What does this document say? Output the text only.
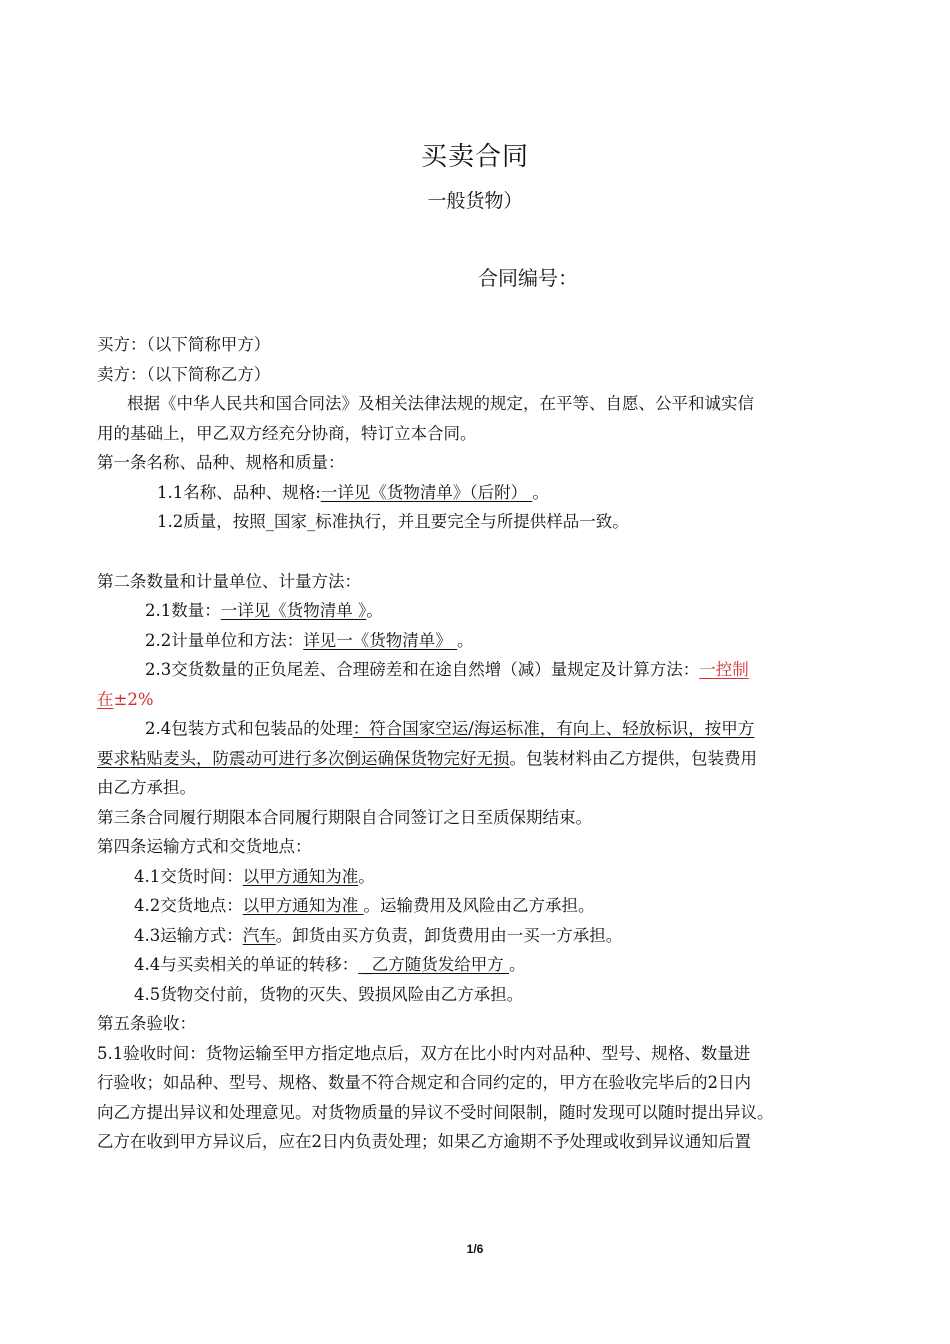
买卖合同
一般货物）
合同编号：
买方：（以下简称甲方）
卖方：（以下简称乙方）
根据《中华人民共和国合同法》及相关法律法规的规定，在平等、自愿、公平和诚实信
用的基础上，甲乙双方经充分协商，特订立本合同。
第一条名称、品种、规格和质量：
1.1名称、品种、规格:一详见《货物清单》（后附） 。
1.2质量，按照_国家_标准执行，并且要完全与所提供样品一致。
第二条数量和计量单位、计量方法：
2.1数量：一详见《货物清单 》。
2.2计量单位和方法：详见一《货物清单》 。
2.3交货数量的正负尾差、合理磅差和在途自然增（减）量规定及计算方法：一控制
在±2%
2.4包装方式和包装品的处理：符合国家空运/海运标准，有向上、轻放标识，按甲方
要求粘贴麦头，防震动可进行多次倒运确保货物完好无损。包装材料由乙方提供，包装费用
由乙方承担。
第三条合同履行期限本合同履行期限自合同签订之日至质保期结束。
第四条运输方式和交货地点：
4.1交货时间：以甲方通知为准。
4.2交货地点：以甲方通知为准 。运输费用及风险由乙方承担。
4.3运输方式：汽车。卸货由买方负责，卸货费用由一买一方承担。
4.4与买卖相关的单证的转移： _乙方随货发给甲方 。
4.5货物交付前，货物的灭失、毁损风险由乙方承担。
第五条验收：
5.1验收时间：货物运输至甲方指定地点后，双方在比小时内对品种、型号、规格、数量进
行验收；如品种、型号、规格、数量不符合规定和合同约定的，甲方在验收完毕后的2日内
向乙方提出异议和处理意见。对货物质量的异议不受时间限制，随时发现可以随时提出异议。
乙方在收到甲方异议后，应在2日内负责处理；如果乙方逾期不予处理或收到异议通知后置
1/6
